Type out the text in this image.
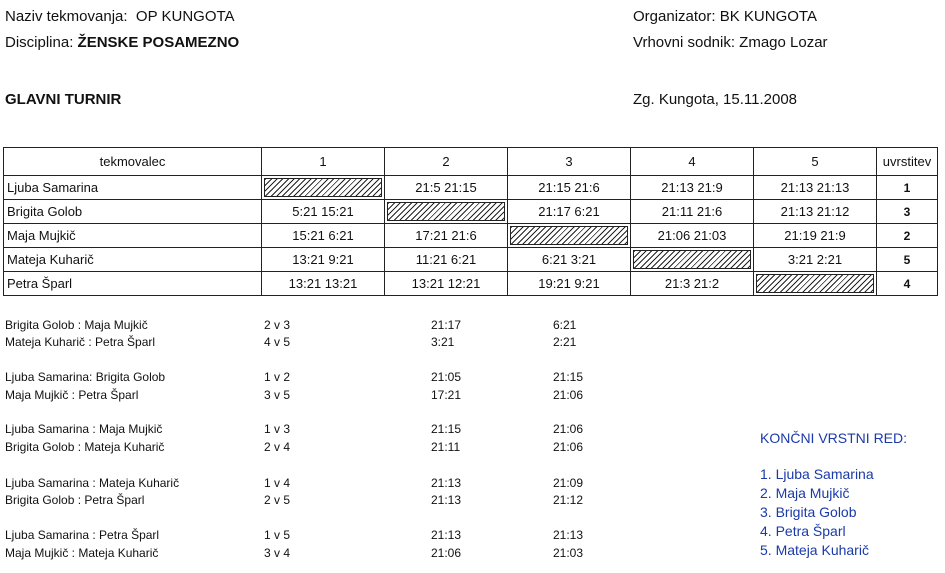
Naziv tekmovanja: OP KUNGOTA
Disciplina: ŽENSKE POSAMEZNO
Organizator: BK KUNGOTA
Vrhovni sodnik: Zmago Lozar
GLAVNI TURNIR	Zg. Kungota, 15.11.2008
tekmovalec	1	2	3	4	5	uvrstitev
Ljuba Samarina		21:5 21:15	21:15 21:6	21:13 21:9	21:13 21:13	1
Brigita Golob	5:21 15:21		21:17 6:21	21:11 21:6	21:13 21:12	3
Maja Mujkič	15:21 6:21	17:21 21:6		21:06 21:03	21:19 21:9	2
Mateja Kuharič	13:21 9:21	11:21 6:21	6:21 3:21		3:21 2:21	5
Petra Šparl	13:21 13:21	13:21 12:21	19:21 9:21	21:3 21:2		4
Brigita Golob : Maja Mujkič	2 v 3	21:17	6:21
Mateja Kuharič : Petra Šparl	4 v 5	3:21	2:21
Ljuba Samarina: Brigita Golob	1 v 2	21:05	21:15
Maja Mujkič : Petra Šparl	3 v 5	17:21	21:06
Ljuba Samarina : Maja Mujkič	1 v 3	21:15	21:06
Brigita Golob : Mateja Kuharič	2 v 4	21:11	21:06
Ljuba Samarina : Mateja Kuharič	1 v 4	21:13	21:09
Brigita Golob : Petra Šparl	2 v 5	21:13	21:12
Ljuba Samarina : Petra Šparl	1 v 5	21:13	21:13
Maja Mujkič : Mateja Kuharič	3 v 4	21:06	21:03
KONČNI VRSTNI RED:
1. Ljuba Samarina
2. Maja Mujkič
3. Brigita Golob
4. Petra Šparl
5. Mateja Kuharič
